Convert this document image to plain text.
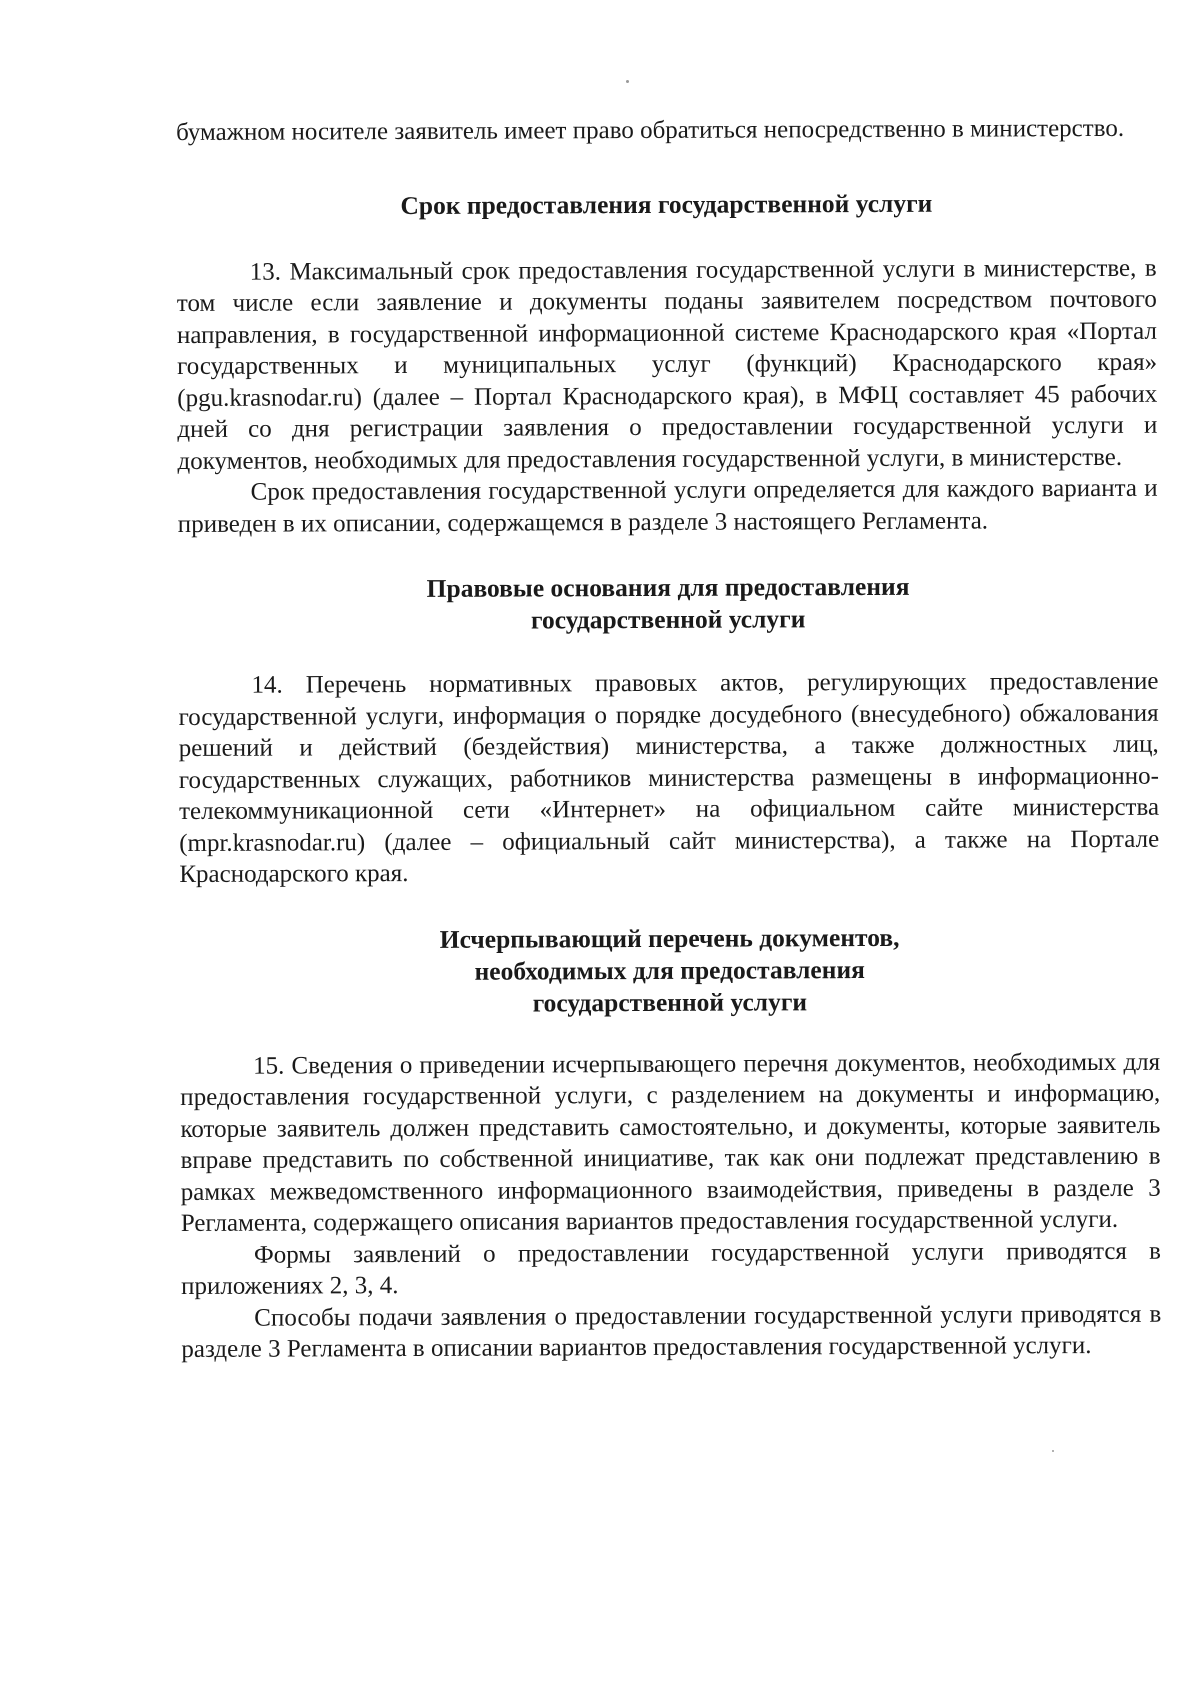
бумажном носителе заявитель имеет право обратиться непосредственно в министерство.

Срок предоставления государственной услуги

13. Максимальный срок предоставления государственной услуги в министерстве, в том числе если заявление и документы поданы заявителем посредством почтового направления, в государственной информационной системе Краснодарского края «Портал государственных и муниципальных услуг (функций) Краснодарского края» (pgu.krasnodar.ru) (далее – Портал Краснодарского края), в МФЦ составляет 45 рабочих дней со дня регистрации заявления о предоставлении государственной услуги и документов, необходимых для предоставления государственной услуги, в министерстве.

Срок предоставления государственной услуги определяется для каждого варианта и приведен в их описании, содержащемся в разделе 3 настоящего Регламента.

Правовые основания для предоставления
государственной услуги

14. Перечень нормативных правовых актов, регулирующих предоставление государственной услуги, информация о порядке досудебного (внесудебного) обжалования решений и действий (бездействия) министерства, а также должностных лиц, государственных служащих, работников министерства размещены в информационно-телекоммуникационной сети «Интернет» на официальном сайте министерства (mpr.krasnodar.ru) (далее – официальный сайт министерства), а также на Портале Краснодарского края.

Исчерпывающий перечень документов,
необходимых для предоставления
государственной услуги

15. Сведения о приведении исчерпывающего перечня документов, необходимых для предоставления государственной услуги, с разделением на документы и информацию, которые заявитель должен представить самостоятельно, и документы, которые заявитель вправе представить по собственной инициативе, так как они подлежат представлению в рамках межведомственного информационного взаимодействия, приведены в разделе 3 Регламента, содержащего описания вариантов предоставления государственной услуги.

Формы заявлений о предоставлении государственной услуги приводятся в приложениях 2, 3, 4.

Способы подачи заявления о предоставлении государственной услуги приводятся в разделе 3 Регламента в описании вариантов предоставления государственной услуги.
